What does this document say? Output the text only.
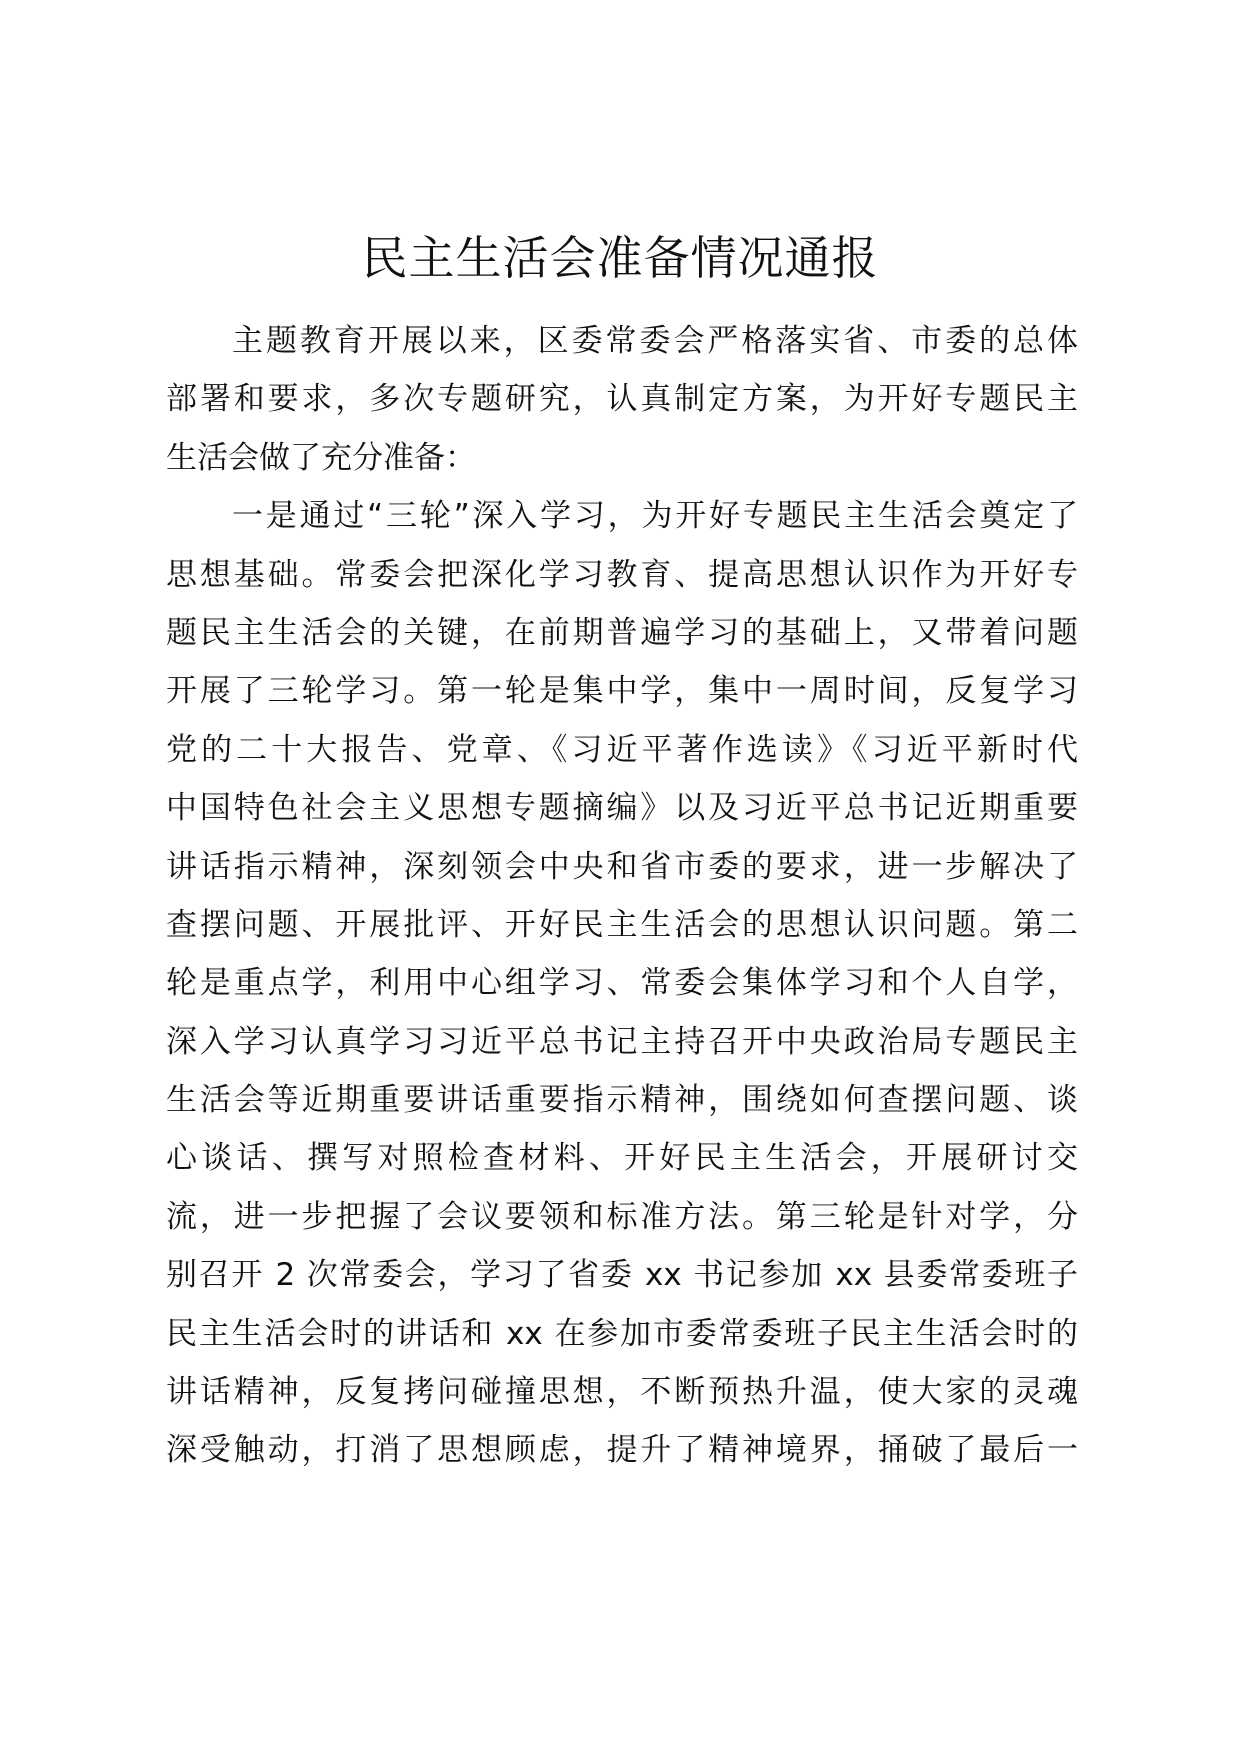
民主生活会准备情况通报
主题教育开展以来，区委常委会严格落实省、市委的总体
部署和要求，多次专题研究，认真制定方案，为开好专题民主
生活会做了充分准备：
一是通过“三轮”深入学习，为开好专题民主生活会奠定了
思想基础。常委会把深化学习教育、提高思想认识作为开好专
题民主生活会的关键，在前期普遍学习的基础上，又带着问题
开展了三轮学习。第一轮是集中学，集中一周时间，反复学习
党的二十大报告、党章、《习近平著作选读》《习近平新时代
中国特色社会主义思想专题摘编》以及习近平总书记近期重要
讲话指示精神，深刻领会中央和省市委的要求，进一步解决了
查摆问题、开展批评、开好民主生活会的思想认识问题。第二
轮是重点学，利用中心组学习、常委会集体学习和个人自学，
深入学习认真学习习近平总书记主持召开中央政治局专题民主
生活会等近期重要讲话重要指示精神，围绕如何查摆问题、谈
心谈话、撰写对照检查材料、开好民主生活会，开展研讨交
流，进一步把握了会议要领和标准方法。第三轮是针对学，分
别召开 2 次常委会，学习了省委 xx 书记参加 xx 县委常委班子
民主生活会时的讲话和 xx 在参加市委常委班子民主生活会时的
讲话精神，反复拷问碰撞思想，不断预热升温，使大家的灵魂
深受触动，打消了思想顾虑，提升了精神境界，捅破了最后一
